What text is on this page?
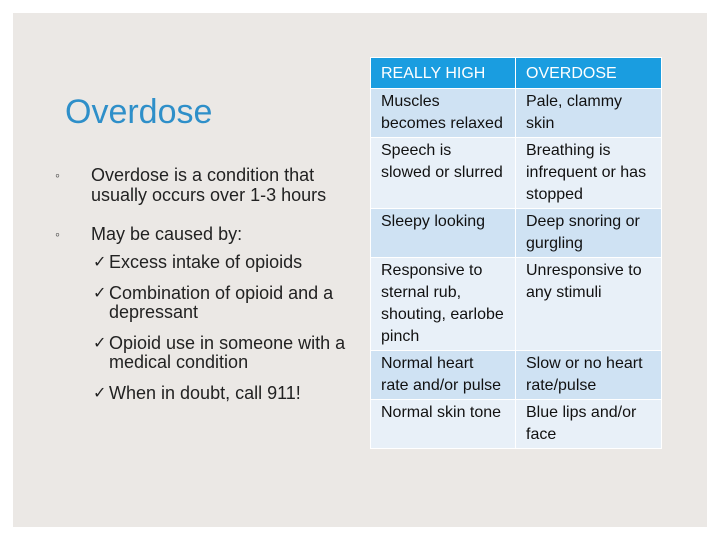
Overdose
◦ Overdose is a condition that usually occurs over 1-3 hours
◦ May be caused by:
✓ Excess intake of opioids
✓ Combination of opioid and a depressant
✓ Opioid use in someone with a medical condition
✓ When in doubt, call 911!
REALLY HIGH	OVERDOSE
Muscles becomes relaxed	Pale, clammy skin
Speech is slowed or slurred	Breathing is infrequent or has stopped
Sleepy looking	Deep snoring or gurgling
Responsive to sternal rub, shouting, earlobe pinch	Unresponsive to any stimuli
Normal heart rate and/or pulse	Slow or no heart rate/pulse
Normal skin tone	Blue lips and/or face
